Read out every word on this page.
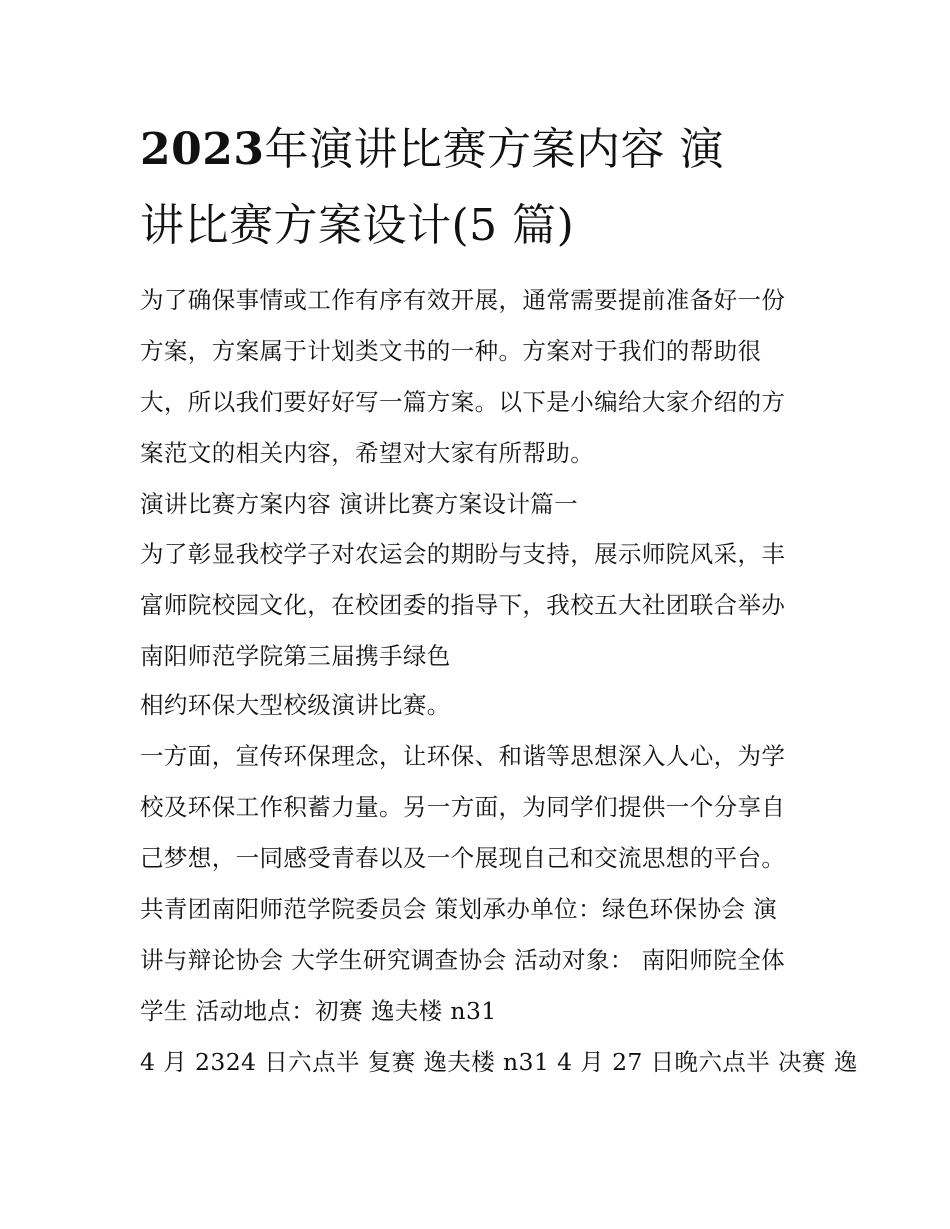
2023年演讲比赛方案内容 演
讲比赛方案设计(5 篇)
为了确保事情或工作有序有效开展，通常需要提前准备好一份
方案，方案属于计划类文书的一种。方案对于我们的帮助很
大，所以我们要好好写一篇方案。以下是小编给大家介绍的方
案范文的相关内容，希望对大家有所帮助。
演讲比赛方案内容 演讲比赛方案设计篇一
为了彰显我校学子对农运会的期盼与支持，展示师院风采，丰
富师院校园文化，在校团委的指导下，我校五大社团联合举办
南阳师范学院第三届携手绿色
相约环保大型校级演讲比赛。
一方面，宣传环保理念，让环保、和谐等思想深入人心，为学
校及环保工作积蓄力量。另一方面，为同学们提供一个分享自
己梦想，一同感受青春以及一个展现自己和交流思想的平台。
共青团南阳师范学院委员会 策划承办单位：绿色环保协会 演
讲与辩论协会 大学生研究调查协会 活动对象： 南阳师院全体
学生 活动地点：初赛 逸夫楼 n31
4 月 2324 日六点半 复赛 逸夫楼 n31 4 月 27 日晚六点半 决赛 逸
